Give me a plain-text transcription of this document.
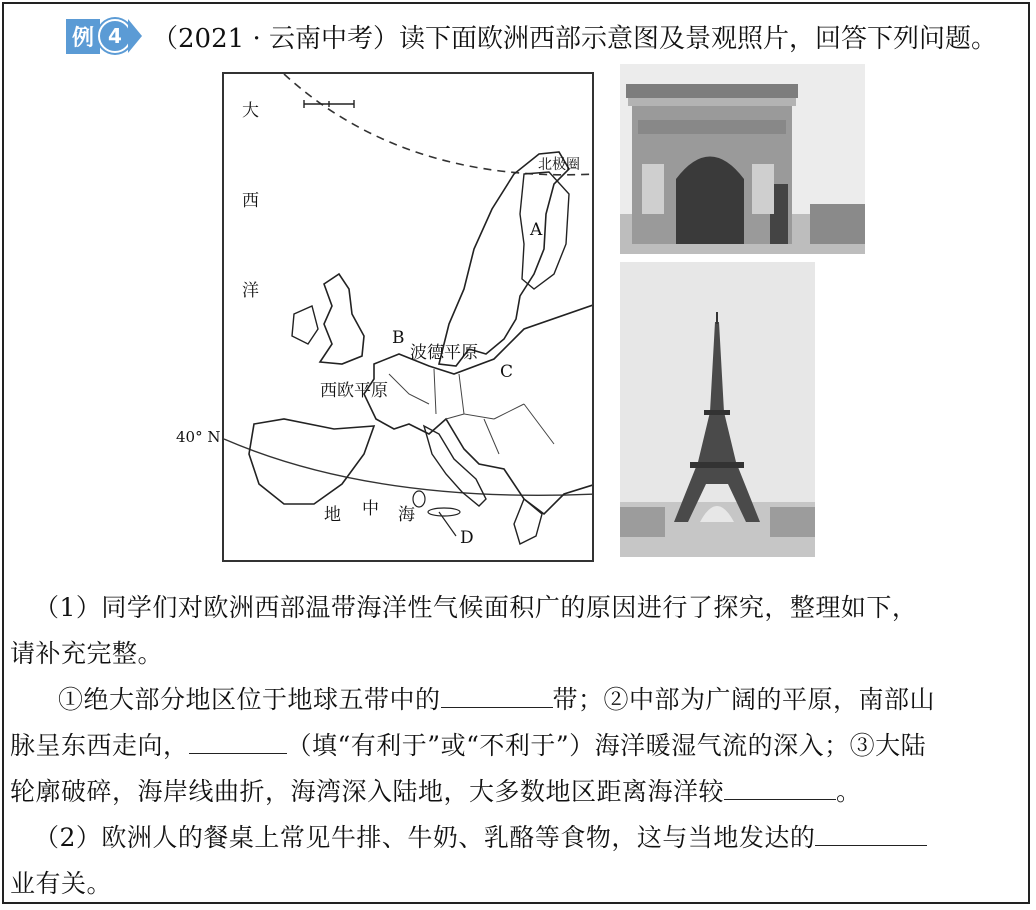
例 4	（2021 · 云南中考）读下面欧洲西部示意图及景观照片，回答下列问题。
大
西
洋
北极圈
A
B
C
D
波德平原
西欧平原
地 中 海
40° N
（1）同学们对欧洲西部温带海洋性气候面积广的原因进行了探究，整理如下，
请补充完整。
①绝大部分地区位于地球五带中的	带；②中部为广阔的平原，南部山
脉呈东西走向，	（填“有利于”或“不利于”）海洋暖湿气流的深入；③大陆
轮廓破碎，海岸线曲折，海湾深入陆地，大多数地区距离海洋较	。
（2）欧洲人的餐桌上常见牛排、牛奶、乳酪等食物，这与当地发达的
业有关。
